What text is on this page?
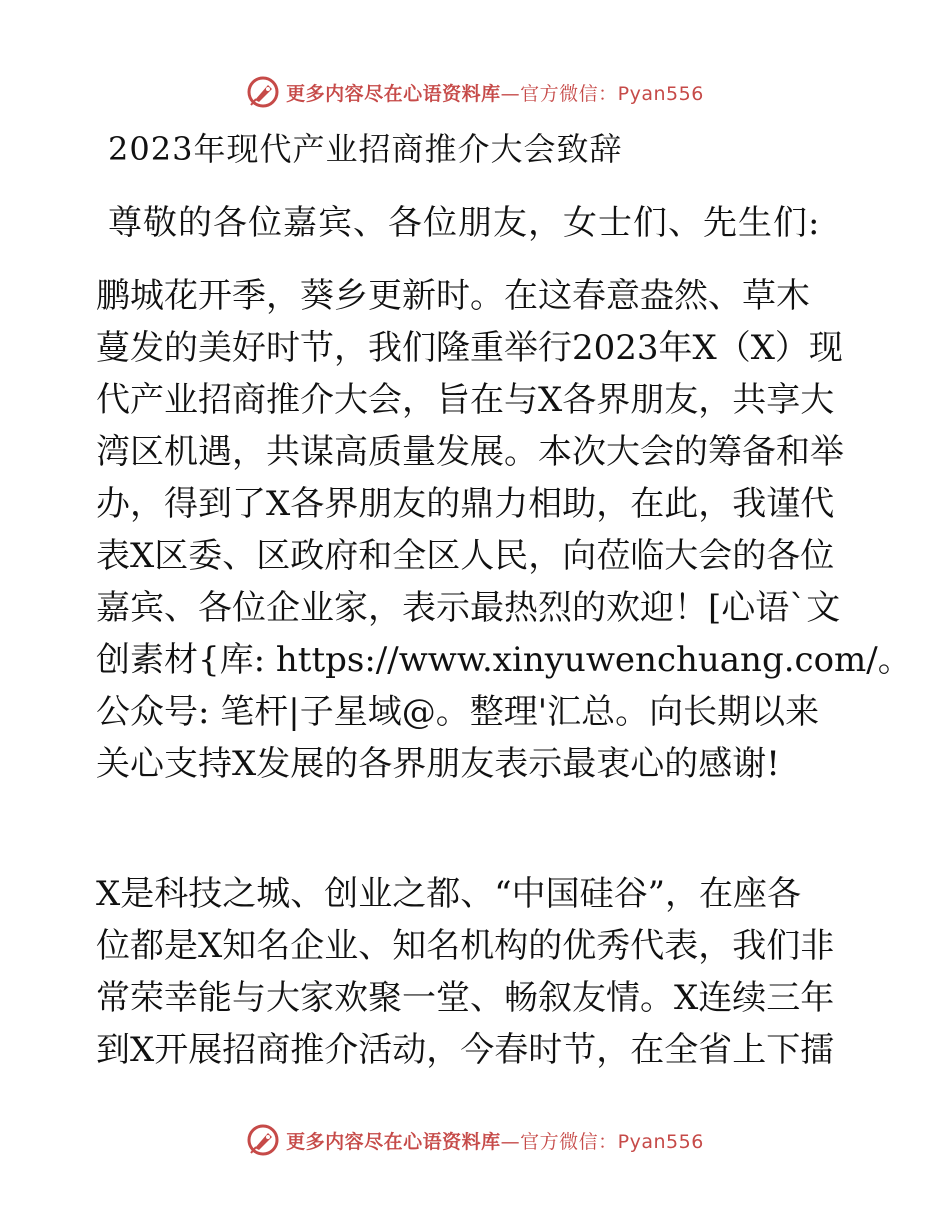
更多内容尽在心语资料库—官方微信：Pyan556
2023年现代产业招商推介大会致辞
尊敬的各位嘉宾、各位朋友，女士们、先生们:

鹏城花开季，葵乡更新时。在这春意盎然、草木
蔓发的美好时节，我们隆重举行2023年X（X）现
代产业招商推介大会，旨在与X各界朋友，共享大
湾区机遇，共谋高质量发展。本次大会的筹备和举
办，得到了X各界朋友的鼎力相助，在此，我谨代
表X区委、区政府和全区人民，向莅临大会的各位
嘉宾、各位企业家，表示最热烈的欢迎！[心语`文
创素材{库: https://www.xinyuwenchuang.com/。
公众号: 笔杆|子星域@。整理'汇总。向长期以来
关心支持X发展的各界朋友表示最衷心的感谢!

X是科技之城、创业之都、“中国硅谷”，在座各
位都是X知名企业、知名机构的优秀代表，我们非
常荣幸能与大家欢聚一堂、畅叙友情。X连续三年
到X开展招商推介活动，今春时节，在全省上下擂

更多内容尽在心语资料库—官方微信：Pyan556
